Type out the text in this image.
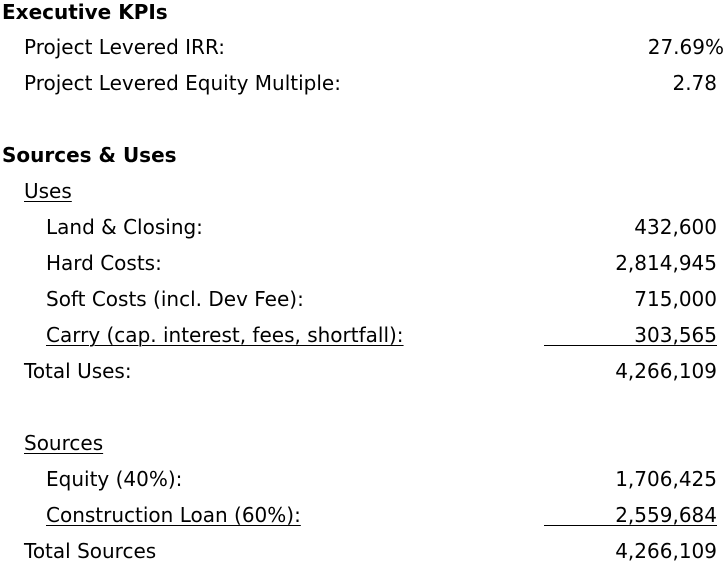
Executive KPIs
Project Levered IRR:	27.69%
Project Levered Equity Multiple:	2.78
Sources & Uses
Uses
Land & Closing:	432,600
Hard Costs:	2,814,945
Soft Costs (incl. Dev Fee):	715,000
Carry (cap. interest, fees, shortfall):	303,565
Total Uses:	4,266,109
Sources
Equity (40%):	1,706,425
Construction Loan (60%):	2,559,684
Total Sources	4,266,109
